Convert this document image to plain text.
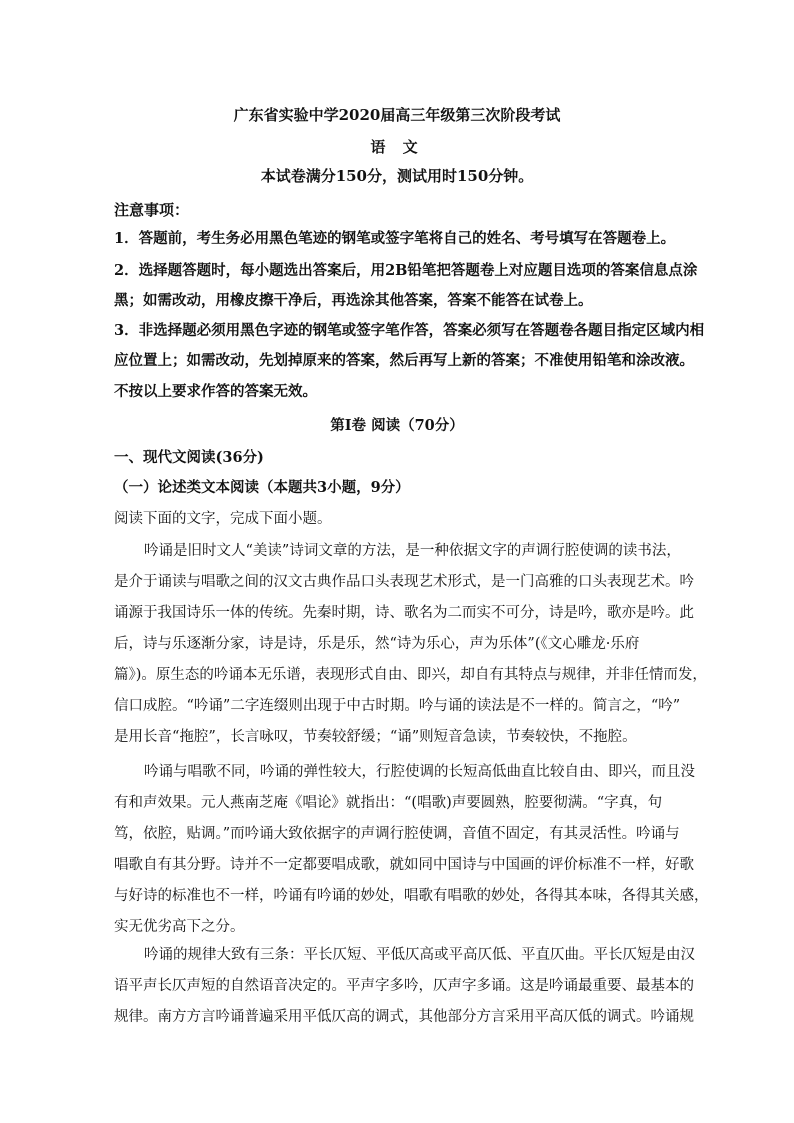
广东省实验中学2020届高三年级第三次阶段考试
语 文
本试卷满分150分，测试用时150分钟。
注意事项：
1．答题前，考生务必用黑色笔迹的钢笔或签字笔将自己的姓名、考号填写在答题卷上。
2．选择题答题时，每小题选出答案后，用2B铅笔把答题卷上对应题目选项的答案信息点涂
黑；如需改动，用橡皮擦干净后，再选涂其他答案，答案不能答在试卷上。
3．非选择题必须用黑色字迹的钢笔或签字笔作答，答案必须写在答题卷各题目指定区域内相
应位置上；如需改动，先划掉原来的答案，然后再写上新的答案；不准使用铅笔和涂改液。
不按以上要求作答的答案无效。
第Ⅰ卷 阅读（70分）
一、现代文阅读(36分)
（一）论述类文本阅读（本题共3小题，9分）
阅读下面的文字，完成下面小题。
吟诵是旧时文人“美读”诗词文章的方法，是一种依据文字的声调行腔使调的读书法，
是介于诵读与唱歌之间的汉文古典作品口头表现艺术形式，是一门高雅的口头表现艺术。吟
诵源于我国诗乐一体的传统。先秦时期，诗、歌名为二而实不可分，诗是吟，歌亦是吟。此
后，诗与乐逐渐分家，诗是诗，乐是乐，然“诗为乐心，声为乐体”(《文心雕龙·乐府
篇》)。原生态的吟诵本无乐谱，表现形式自由、即兴，却自有其特点与规律，并非任情而发，
信口成腔。“吟诵”二字连缀则出现于中古时期。吟与诵的读法是不一样的。简言之，“吟”
是用长音“拖腔”，长言咏叹，节奏较舒缓；“诵”则短音急读，节奏较快，不拖腔。
吟诵与唱歌不同，吟诵的弹性较大，行腔使调的长短高低曲直比较自由、即兴，而且没
有和声效果。元人燕南芝庵《唱论》就指出：“(唱歌)声要圆熟，腔要彻满。“字真，句
笃，依腔，贴调。”而吟诵大致依据字的声调行腔使调，音值不固定，有其灵活性。吟诵与
唱歌自有其分野。诗并不一定都要唱成歌，就如同中国诗与中国画的评价标准不一样，好歌
与好诗的标准也不一样，吟诵有吟诵的妙处，唱歌有唱歌的妙处，各得其本味，各得其关感，
实无优劣高下之分。
吟诵的规律大致有三条：平长仄短、平低仄高或平高仄低、平直仄曲。平长仄短是由汉
语平声长仄声短的自然语音决定的。平声字多吟，仄声字多诵。这是吟诵最重要、最基本的
规律。南方方言吟诵普遍采用平低仄高的调式，其他部分方言采用平高仄低的调式。吟诵规
